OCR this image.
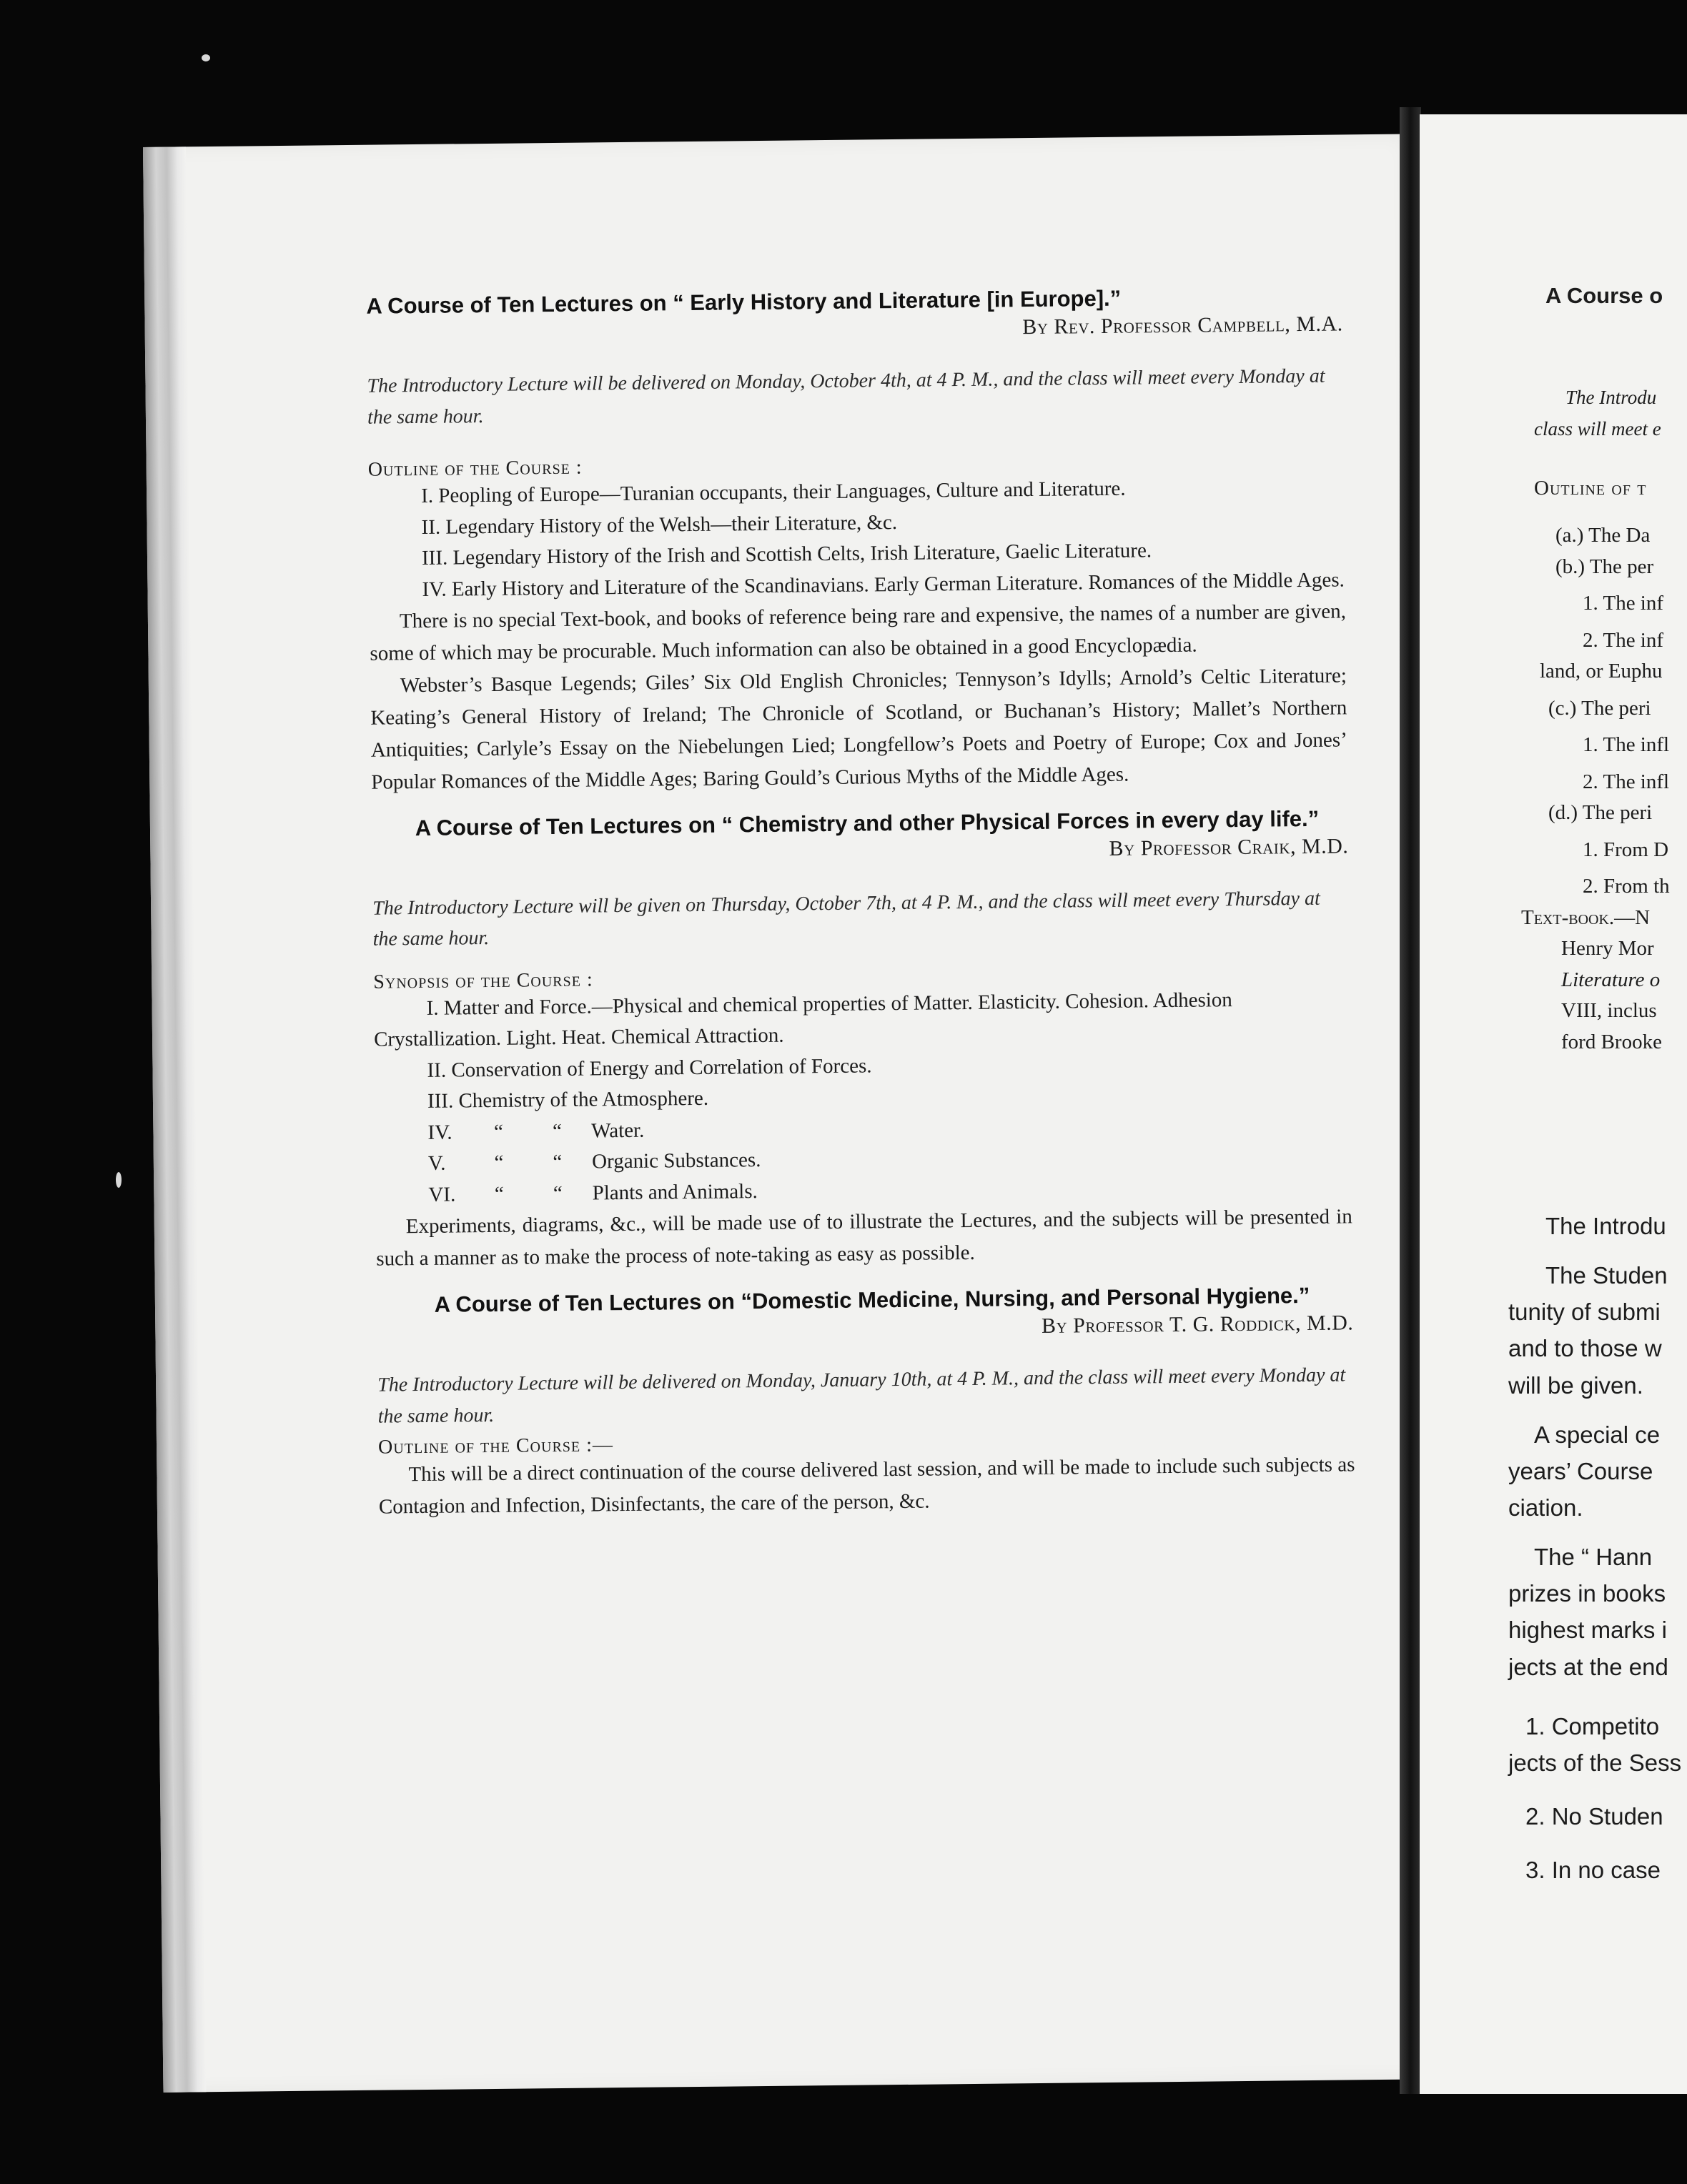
A Course of Ten Lectures on “ Early History and Literature [in Europe].”
By Rev. Professor Campbell, M.A.
The Introductory Lecture will be delivered on Monday, October 4th, at 4 P. M., and the class will meet every Monday at the same hour.
Outline of the Course :
I. Peopling of Europe—Turanian occupants, their Languages, Culture and Literature.
II. Legendary History of the Welsh—their Literature, &c.
III. Legendary History of the Irish and Scottish Celts, Irish Literature, Gaelic Literature.
IV. Early History and Literature of the Scandinavians. Early German Literature. Romances of the Middle Ages.
There is no special Text-book, and books of reference being rare and expensive, the names of a number are given, some of which may be procurable. Much information can also be obtained in a good Encyclopædia.
Webster’s Basque Legends; Giles’ Six Old English Chronicles; Tennyson’s Idylls; Arnold’s Celtic Literature; Keating’s General History of Ireland; The Chronicle of Scotland, or Buchanan’s History; Mallet’s Northern Antiquities; Carlyle’s Essay on the Niebelungen Lied; Longfellow’s Poets and Poetry of Europe; Cox and Jones’ Popular Romances of the Middle Ages; Baring Gould’s Curious Myths of the Middle Ages.
A Course of Ten Lectures on “ Chemistry and other Physical Forces in every day life.”
By Professor Craik, M.D.
The Introductory Lecture will be given on Thursday, October 7th, at 4 P. M., and the class will meet every Thursday at the same hour.
Synopsis of the Course :
I. Matter and Force.—Physical and chemical properties of Matter. Elasticity. Cohesion. Adhesion Crystallization. Light. Heat. Chemical Attraction.
II. Conservation of Energy and Correlation of Forces.
III. Chemistry of the Atmosphere.
IV. “ “ Water.
V. “ “ Organic Substances.
VI. “ “ Plants and Animals.
Experiments, diagrams, &c., will be made use of to illustrate the Lectures, and the subjects will be presented in such a manner as to make the process of note-taking as easy as possible.
A Course of Ten Lectures on “Domestic Medicine, Nursing, and Personal Hygiene.”
By Professor T. G. Roddick, M.D.
The Introductory Lecture will be delivered on Monday, January 10th, at 4 P. M., and the class will meet every Monday at the same hour.
Outline of the Course :—
This will be a direct continuation of the course delivered last session, and will be made to include such subjects as Contagion and Infection, Disinfectants, the care of the person, &c.
A Course o
The Introdu
class will meet e
Outline of t
(a.) The Da
(b.) The per
1. The inf
2. The inf
land, or Euphu
(c.) The peri
1. The infl
2. The infl
(d.) The peri
1. From D
2. From th
Text-book.—N
Henry Mor
Literature o
VIII, inclus
ford Brooke
The Introdu
The Studen
tunity of submi
and to those w
will be given.
A special ce
years’ Course
ciation.
The “ Hann
prizes in books
highest marks i
jects at the end
1. Competito
jects of the Sess
2. No Studen
3. In no case
